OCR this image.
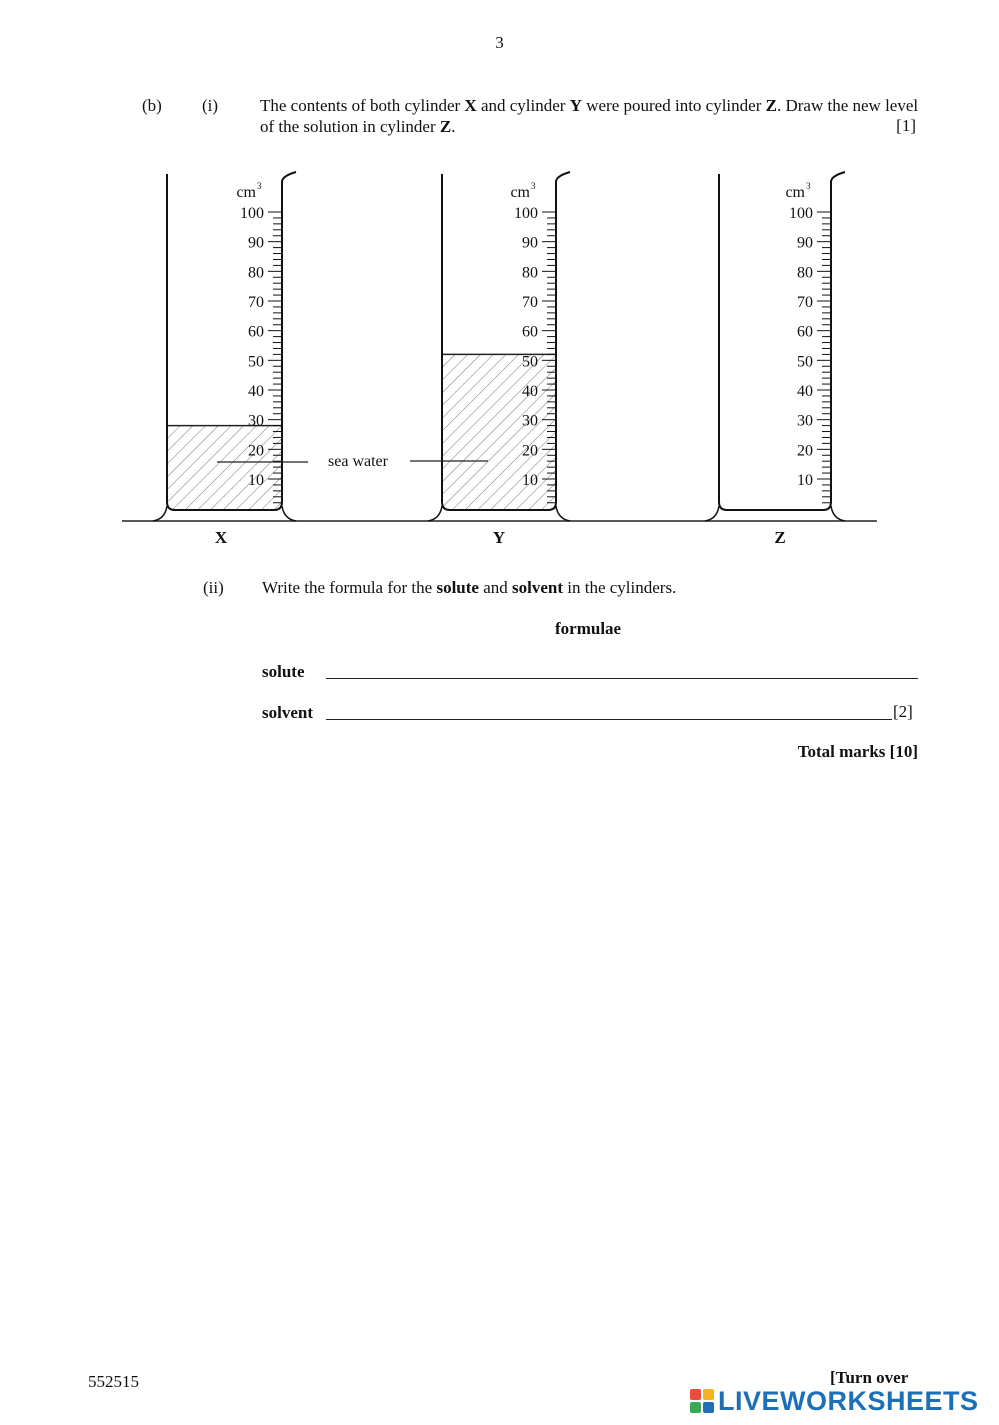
3
(b) (i) The contents of both cylinder X and cylinder Y were poured into cylinder Z. Draw the new level of the solution in cylinder Z.	[1]
100
90
80
70
60
50
40
30
20
10
cm 3
X
100
90
80
70
60
50
40
30
20
10
cm 3
Y
100
90
80
70
60
50
40
30
20
10
cm 3
Z
sea water
(ii) Write the formula for the solute and solvent in the cylinders.
formulae
solute
solvent	[2]
Total marks [10]
552515	[Turn over
LIVEWORKSHEETS
